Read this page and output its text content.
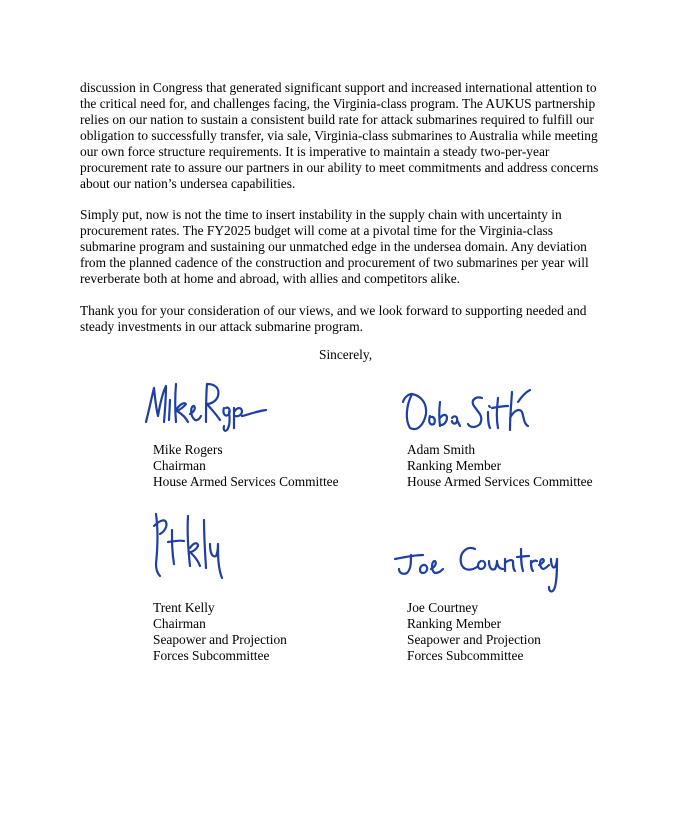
discussion in Congress that generated significant support and increased international attention to
the critical need for, and challenges facing, the Virginia-class program. The AUKUS partnership
relies on our nation to sustain a consistent build rate for attack submarines required to fulfill our
obligation to successfully transfer, via sale, Virginia-class submarines to Australia while meeting
our own force structure requirements. It is imperative to maintain a steady two-per-year
procurement rate to assure our partners in our ability to meet commitments and address concerns
about our nation’s undersea capabilities.

Simply put, now is not the time to insert instability in the supply chain with uncertainty in
procurement rates. The FY2025 budget will come at a pivotal time for the Virginia-class
submarine program and sustaining our unmatched edge in the undersea domain. Any deviation
from the planned cadence of the construction and procurement of two submarines per year will
reverberate both at home and abroad, with allies and competitors alike.

Thank you for your consideration of our views, and we look forward to supporting needed and
steady investments in our attack submarine program.

Sincerely,
Mike Rogers
Chairman
House Armed Services Committee
Adam Smith
Ranking Member
House Armed Services Committee
Trent Kelly
Chairman
Seapower and Projection
Forces Subcommittee
Joe Courtney
Ranking Member
Seapower and Projection
Forces Subcommittee
